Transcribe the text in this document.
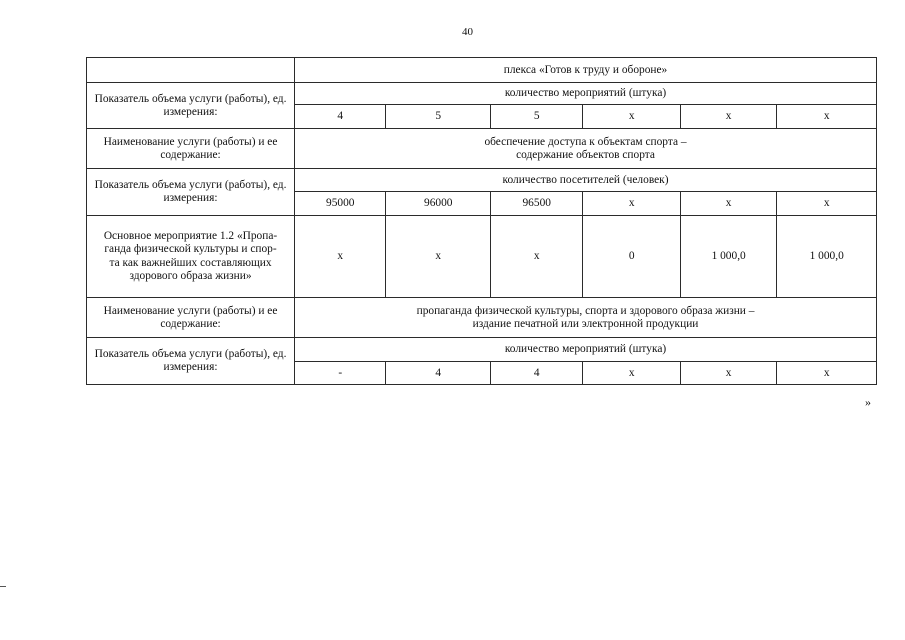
40
	плекса «Готов к труду и обороне»					
Показатель объема услуги (работы), ед. измерения:	количество мероприятий (штука)					
	4	5	5	х	х	х
Наименование услуги (работы) и ее содержание:	обеспечение доступа к объектам спорта –
содержание объектов спорта					

Показатель объема услуги (работы), ед. измерения:	количество посетителей (человек)					
	95000	96000	96500	х	х	х

Основное мероприятие 1.2 «Пропа-
ганда физической культуры и спор-
та как важнейших составляющих
здорового образа жизни»	х	х	х	0	1 000,0	1 000,0
Наименование услуги (работы) и ее содержание:	пропаганда физической культуры, спорта и здорового образа жизни –
издание печатной или электронной продукции					

Показатель объема услуги (работы), ед. измерения:	количество мероприятий (штука)					
	-	4	4	х	х	х
»
